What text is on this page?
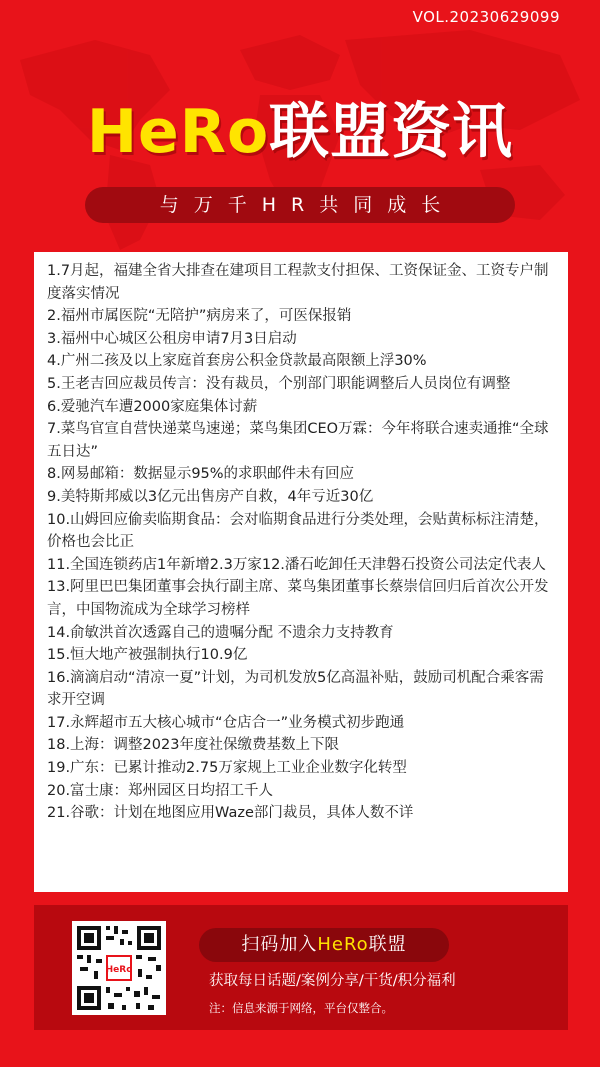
VOL.20230629099
HeRo联盟资讯
与万千HR共同成长
1.7月起，福建全省大排查在建项目工程款支付担保、工资保证金、工资专户制度落实情况
2.福州市属医院“无陪护”病房来了，可医保报销
3.福州中心城区公租房申请7月3日启动
4.广州二孩及以上家庭首套房公积金贷款最高限额上浮30%
5.王老吉回应裁员传言：没有裁员，个别部门职能调整后人员岗位有调整
6.爱驰汽车遭2000家庭集体讨薪
7.菜鸟官宣自营快递菜鸟速递；菜鸟集团CEO万霖：今年将联合速卖通推“全球五日达”
8.网易邮箱：数据显示95%的求职邮件未有回应
9.美特斯邦威以3亿元出售房产自救，4年亏近30亿
10.山姆回应偷卖临期食品：会对临期食品进行分类处理，会贴黄标标注清楚，价格也会比正
11.全国连锁药店1年新增2.3万家12.潘石屹卸任天津磐石投资公司法定代表人
13.阿里巴巴集团董事会执行副主席、菜鸟集团董事长蔡崇信回归后首次公开发言，中国物流成为全球学习榜样
14.俞敏洪首次透露自己的遗嘱分配 不遗余力支持教育
15.恒大地产被强制执行10.9亿
16.滴滴启动“清凉一夏”计划，为司机发放5亿高温补贴，鼓励司机配合乘客需求开空调
17.永辉超市五大核心城市“仓店合一”业务模式初步跑通
18.上海：调整2023年度社保缴费基数上下限
19.广东：已累计推动2.75万家规上工业企业数字化转型
20.富士康：郑州园区日均招工千人
21.谷歌：计划在地图应用Waze部门裁员，具体人数不详
HeRo
扫码加入HeRo联盟
获取每日话题/案例分享/干货/积分福利
注：信息来源于网络，平台仅整合。
